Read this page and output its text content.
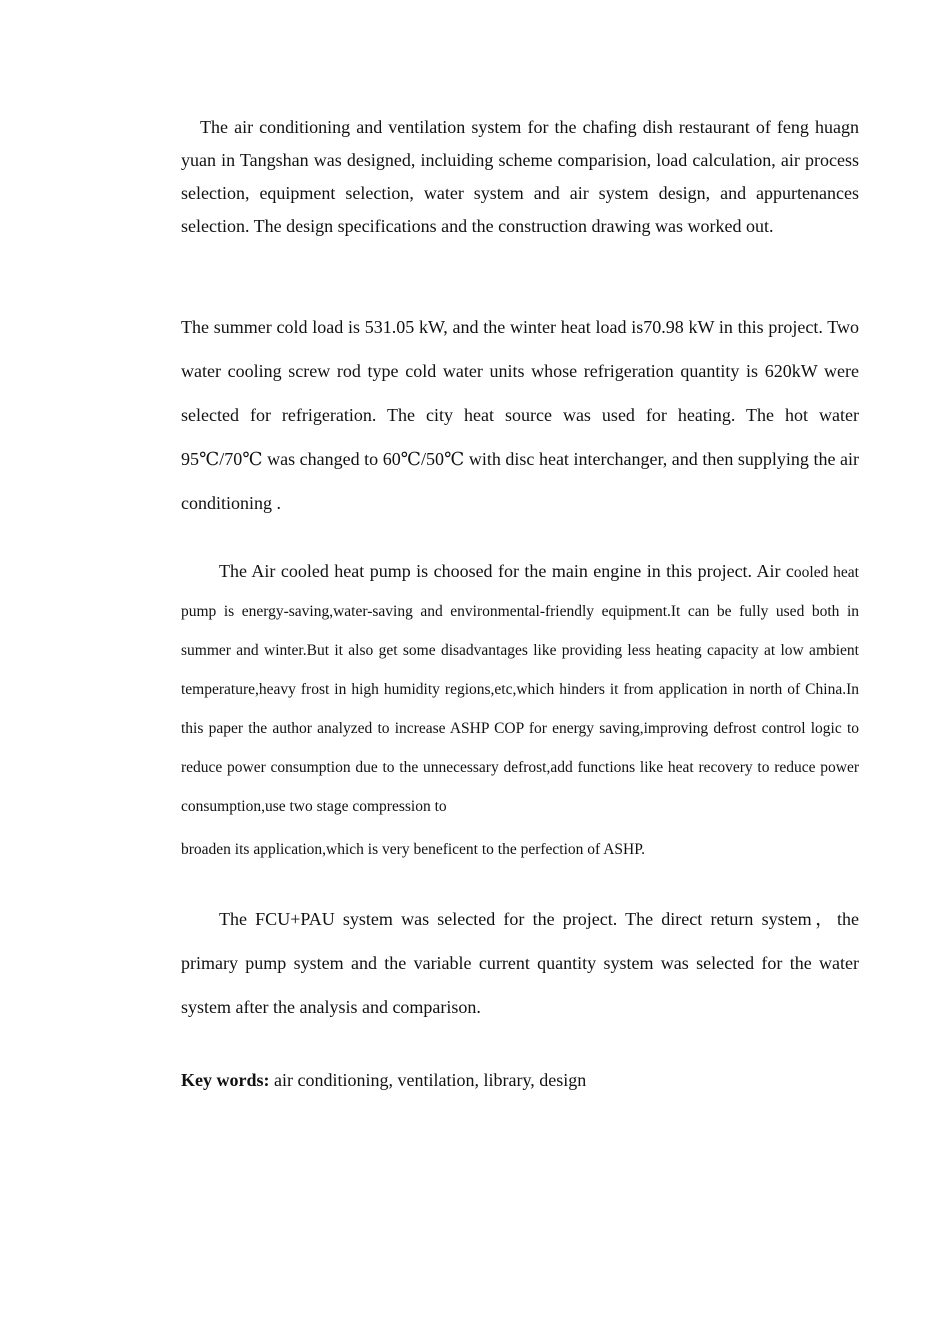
The air conditioning and ventilation system for the chafing dish restaurant of feng huagn yuan in Tangshan was designed, incluiding scheme comparision, load calculation, air process selection, equipment selection, water system and air system design, and appurtenances selection. The design specifications and the construction drawing was worked out.

The summer cold load is 531.05 kW, and the winter heat load is70.98 kW in this project. Two water cooling screw rod type cold water units whose refrigeration quantity is 620kW were selected for refrigeration. The city heat source was used for heating. The hot water 95℃/70℃ was changed to 60℃/50℃ with disc heat interchanger, and then supplying the air conditioning .

The Air cooled heat pump is choosed for the main engine in this project. Air cooled heat pump is energy-saving,water-saving and environmental-friendly equipment.It can be fully used both in summer and winter.But it also get some disadvantages like providing less heating capacity at low ambient temperature,heavy frost in high humidity regions,etc,which hinders it from application in north of China.In this paper the author analyzed to increase ASHP COP for energy saving,improving defrost control logic to reduce power consumption due to the unnecessary defrost,add functions like heat recovery to reduce power consumption,use two stage compression to
broaden its application,which is very beneficent to the perfection of ASHP.

The FCU+PAU system was selected for the project. The direct return system，the primary pump system and the variable current quantity system was selected for the water system after the analysis and comparison.

Key words: air conditioning, ventilation, library, design
